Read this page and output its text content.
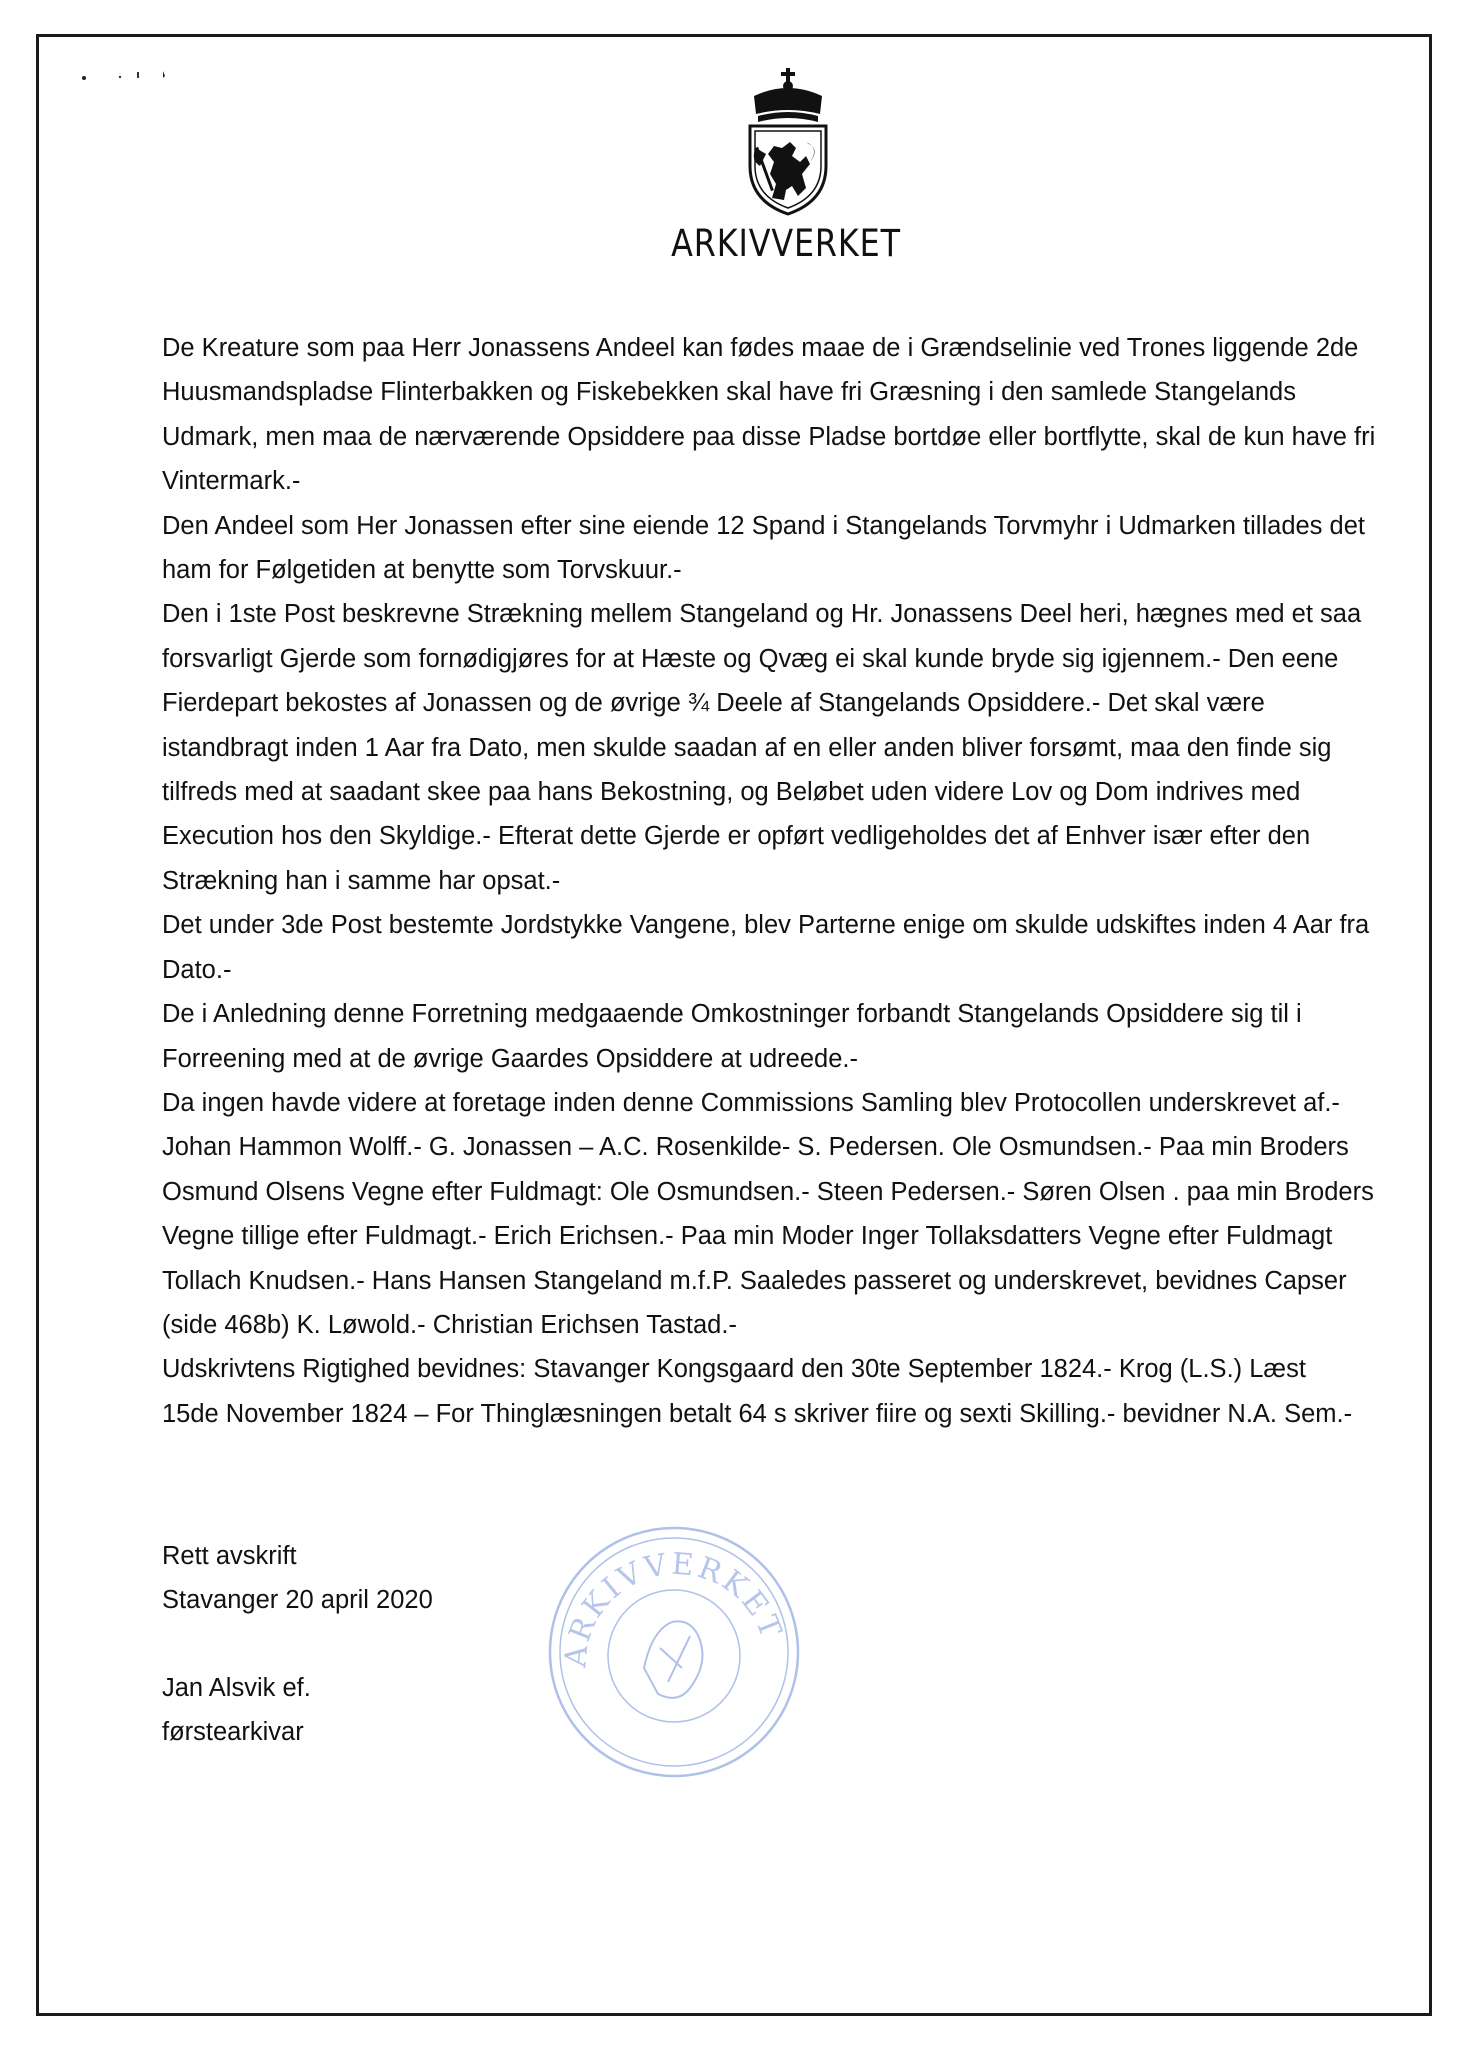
ARKIVVERKET
De Kreature som paa Herr Jonassens Andeel kan fødes maae de i Grændselinie ved Trones liggende 2de
Huusmandspladse Flinterbakken og Fiskebekken skal have fri Græsning i den samlede Stangelands
Udmark, men maa de nærværende Opsiddere paa disse Pladse bortdøe eller bortflytte, skal de kun have fri
Vintermark.-
Den Andeel som Her Jonassen efter sine eiende 12 Spand i Stangelands Torvmyhr i Udmarken tillades det
ham for Følgetiden at benytte som Torvskuur.-
Den i 1ste Post beskrevne Strækning mellem Stangeland og Hr. Jonassens Deel heri, hægnes med et saa
forsvarligt Gjerde som fornødigjøres for at Hæste og Qvæg ei skal kunde bryde sig igjennem.- Den eene
Fierdepart bekostes af Jonassen og de øvrige ¾ Deele af Stangelands Opsiddere.- Det skal være
istandbragt inden 1 Aar fra Dato, men skulde saadan af en eller anden bliver forsømt, maa den finde sig
tilfreds med at saadant skee paa hans Bekostning, og Beløbet uden videre Lov og Dom indrives med
Execution hos den Skyldige.- Efterat dette Gjerde er opført vedligeholdes det af Enhver især efter den
Strækning han i samme har opsat.-
Det under 3de Post bestemte Jordstykke Vangene, blev Parterne enige om skulde udskiftes inden 4 Aar fra
Dato.-
De i Anledning denne Forretning medgaaende Omkostninger forbandt Stangelands Opsiddere sig til i
Forreening med at de øvrige Gaardes Opsiddere at udreede.-
Da ingen havde videre at foretage inden denne Commissions Samling blev Protocollen underskrevet af.-
Johan Hammon Wolff.- G. Jonassen – A.C. Rosenkilde- S. Pedersen. Ole Osmundsen.- Paa min Broders
Osmund Olsens Vegne efter Fuldmagt: Ole Osmundsen.- Steen Pedersen.- Søren Olsen . paa min Broders
Vegne tillige efter Fuldmagt.- Erich Erichsen.- Paa min Moder Inger Tollaksdatters Vegne efter Fuldmagt
Tollach Knudsen.- Hans Hansen Stangeland m.f.P. Saaledes passeret og underskrevet, bevidnes Capser
(side 468b) K. Løwold.- Christian Erichsen Tastad.-
Udskrivtens Rigtighed bevidnes: Stavanger Kongsgaard den 30te September 1824.- Krog (L.S.) Læst
15de November 1824 – For Thinglæsningen betalt 64 s skriver fiire og sexti Skilling.- bevidner N.A. Sem.-
Rett avskrift
Stavanger 20 april 2020
Jan Alsvik ef.
førstearkivar
ARKIVVERKET
